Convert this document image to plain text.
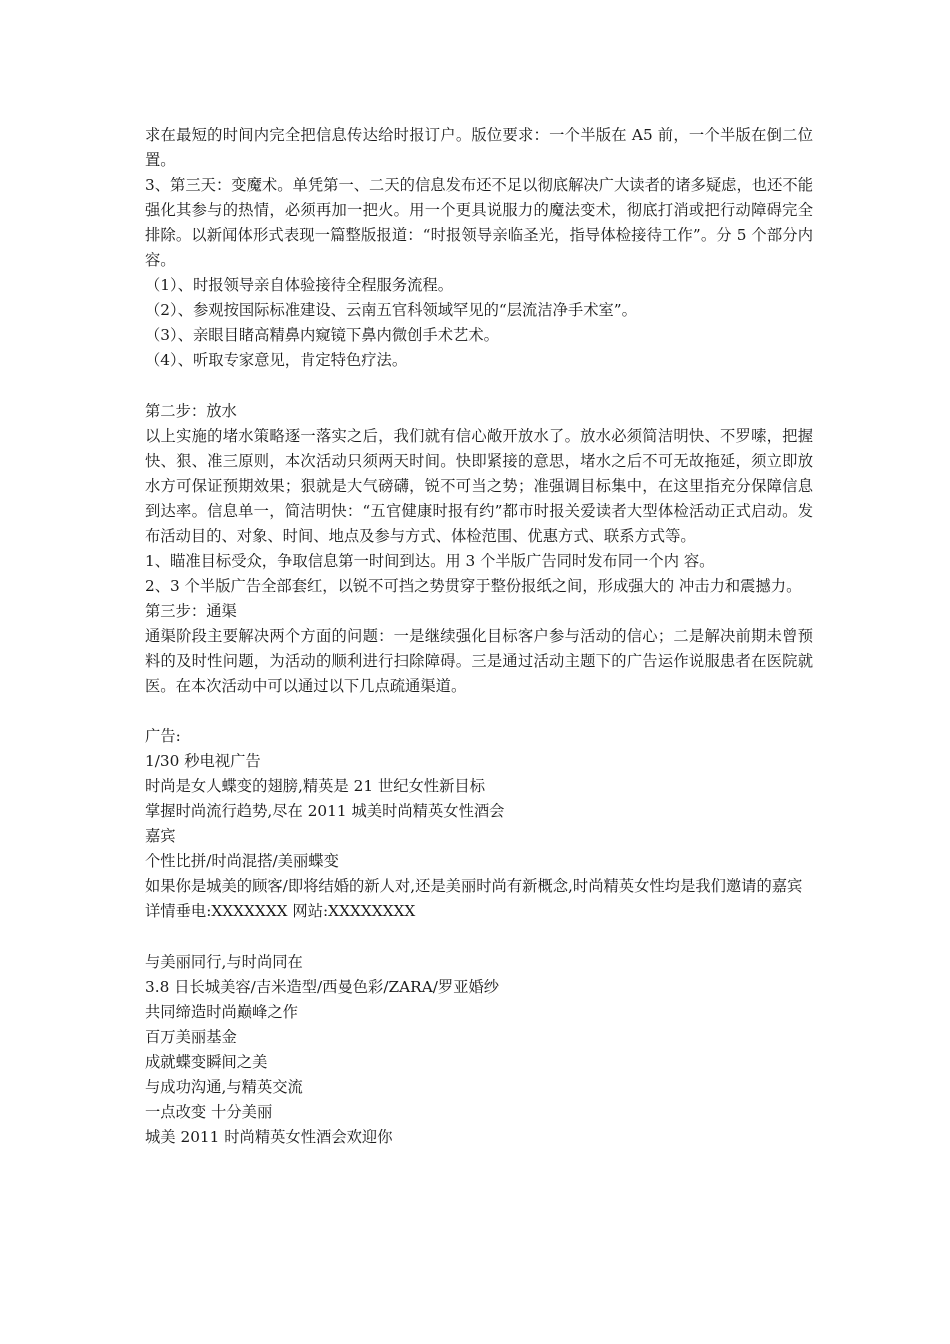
求在最短的时间内完全把信息传达给时报订户。版位要求：一个半版在 A5 前，一个半版在倒二位置。

3、第三天：变魔术。单凭第一、二天的信息发布还不足以彻底解决广大读者的诸多疑虑，也还不能强化其参与的热情，必须再加一把火。用一个更具说服力的魔法变术，彻底打消或把行动障碍完全排除。以新闻体形式表现一篇整版报道：“时报领导亲临圣光，指导体检接待工作”。分 5 个部分内容。

（1）、时报领导亲自体验接待全程服务流程。

（2）、参观按国际标准建设、云南五官科领域罕见的“层流洁净手术室”。

（3）、亲眼目睹高精鼻内窥镜下鼻内微创手术艺术。

（4）、听取专家意见，肯定特色疗法。

第二步：放水

以上实施的堵水策略逐一落实之后，我们就有信心敞开放水了。放水必须简洁明快、不罗嗦，把握快、狠、准三原则，本次活动只须两天时间。快即紧接的意思，堵水之后不可无故拖延，须立即放水方可保证预期效果；狠就是大气磅礴，锐不可当之势；准强调目标集中，在这里指充分保障信息到达率。信息单一，简洁明快：“五官健康时报有约”都市时报关爱读者大型体检活动正式启动。发布活动目的、对象、时间、地点及参与方式、体检范围、优惠方式、联系方式等。

1、瞄准目标受众，争取信息第一时间到达。用 3 个半版广告同时发布同一个内 容。

2、3 个半版广告全部套红，以锐不可挡之势贯穿于整份报纸之间，形成强大的 冲击力和震撼力。

第三步：通渠

通渠阶段主要解决两个方面的问题：一是继续强化目标客户参与活动的信心；二是解决前期未曾预料的及时性问题，为活动的顺利进行扫除障碍。三是通过活动主题下的广告运作说服患者在医院就医。在本次活动中可以通过以下几点疏通渠道。

广告:

1/30 秒电视广告

时尚是女人蝶变的翅膀,精英是 21 世纪女性新目标

掌握时尚流行趋势,尽在 2011 城美时尚精英女性酒会

嘉宾

个性比拼/时尚混搭/美丽蝶变

如果你是城美的顾客/即将结婚的新人对,还是美丽时尚有新概念,时尚精英女性均是我们邀请的嘉宾

详情垂电:XXXXXXX 网站:XXXXXXXX

与美丽同行,与时尚同在

3.8 日长城美容/吉米造型/西曼色彩/ZARA/罗亚婚纱

共同缔造时尚巅峰之作

百万美丽基金

成就蝶变瞬间之美

与成功沟通,与精英交流

一点改变 十分美丽

城美 2011 时尚精英女性酒会欢迎你
